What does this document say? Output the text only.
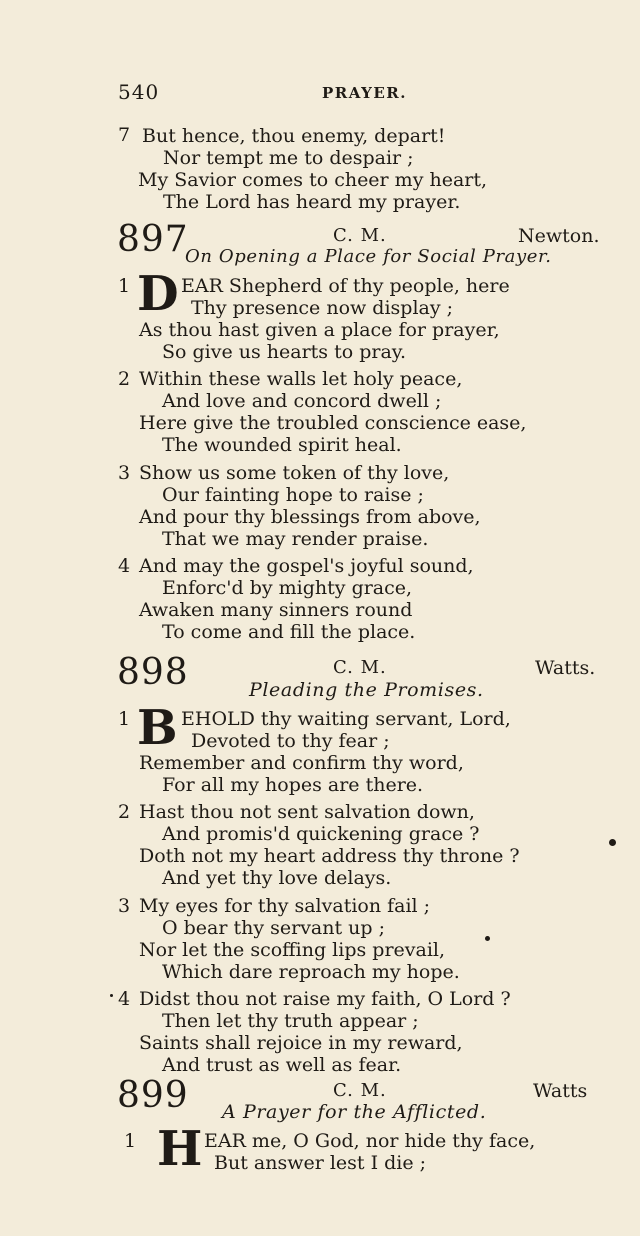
540	PRAYER.
7 But hence, thou enemy, depart!
Nor tempt me to despair ;
My Savior comes to cheer my heart,
The Lord has heard my prayer.
897	C. M.	Newton.
On Opening a Place for Social Prayer.
1 D EAR Shepherd of thy people, here
Thy presence now display ;
As thou hast given a place for prayer,
So give us hearts to pray.
2 Within these walls let holy peace,
And love and concord dwell ;
Here give the troubled conscience ease,
The wounded spirit heal.
3 Show us some token of thy love,
Our fainting hope to raise ;
And pour thy blessings from above,
That we may render praise.
4 And may the gospel's joyful sound,
Enforc'd by mighty grace,
Awaken many sinners round
To come and fill the place.
898	C. M.	Watts.
Pleading the Promises.
1 B EHOLD thy waiting servant, Lord,
Devoted to thy fear ;
Remember and confirm thy word,
For all my hopes are there.
2 Hast thou not sent salvation down,
And promis'd quickening grace ?
Doth not my heart address thy throne ?
And yet thy love delays.
3 My eyes for thy salvation fail ;
O bear thy servant up ;
Nor let the scoffing lips prevail,
Which dare reproach my hope.
4 Didst thou not raise my faith, O Lord ?
Then let thy truth appear ;
Saints shall rejoice in my reward,
And trust as well as fear.
899	C. M.	Watts
A Prayer for the Afflicted.
1 H EAR me, O God, nor hide thy face,
But answer lest I die ;
